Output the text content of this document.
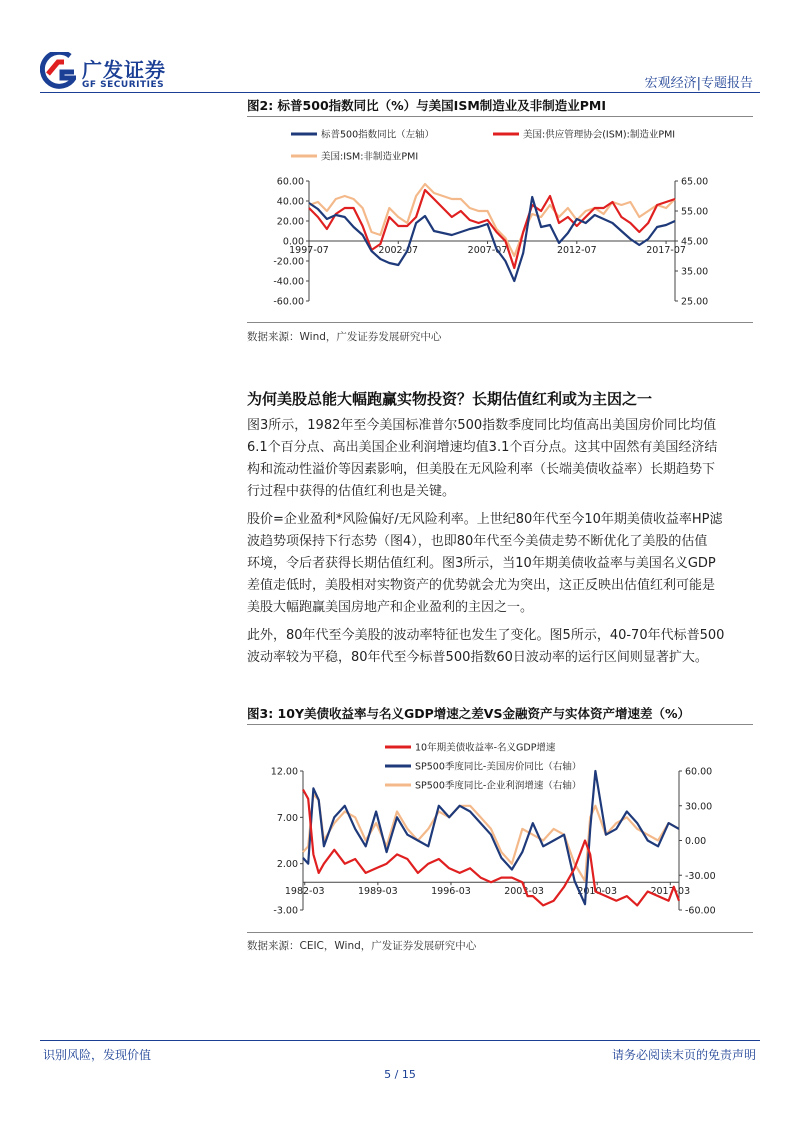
广发证券
GF SECURITIES	宏观经济|专题报告
图2: 标普500指数同比（%）与美国ISM制造业及非制造业PMI
标普500指数同比（左轴）	美国:供应管理协会(ISM):制造业PMI
美国:ISM:非制造业PMI
60.00
40.00
20.00
0.00
-20.00
-40.00
-60.00
65.00
55.00
45.00
35.00
25.00
1997-07	2002-07	2007-07	2012-07	2017-07
数据来源：Wind，广发证券发展研究中心
为何美股总能大幅跑赢实物投资？长期估值红利或为主因之一
图3所示，1982年至今美国标准普尔500指数季度同比均值高出美国房价同比均值
6.1个百分点、高出美国企业利润增速均值3.1个百分点。这其中固然有美国经济结
构和流动性溢价等因素影响，但美股在无风险利率（长端美债收益率）长期趋势下
行过程中获得的估值红利也是关键。
股价=企业盈利*风险偏好/无风险利率。上世纪80年代至今10年期美债收益率HP滤
波趋势项保持下行态势（图4），也即80年代至今美债走势不断优化了美股的估值
环境，令后者获得长期估值红利。图3所示，当10年期美债收益率与美国名义GDP
差值走低时，美股相对实物资产的优势就会尤为突出，这正反映出估值红利可能是
美股大幅跑赢美国房地产和企业盈利的主因之一。
此外，80年代至今美股的波动率特征也发生了变化。图5所示，40-70年代标普500
波动率较为平稳，80年代至今标普500指数60日波动率的运行区间则显著扩大。
图3: 10Y美债收益率与名义GDP增速之差VS金融资产与实体资产增速差（%）
10年期美债收益率-名义GDP增速
SP500季度同比-美国房价同比（右轴）
SP500季度同比-企业利润增速（右轴）
12.00
7.00
2.00
-3.00
60.00
30.00
0.00
-30.00
-60.00
1982-03	1989-03	1996-03	2003-03	2010-03	2017-03
数据来源：CEIC，Wind，广发证券发展研究中心
识别风险，发现价值	请务必阅读末页的免责声明
5 / 15
